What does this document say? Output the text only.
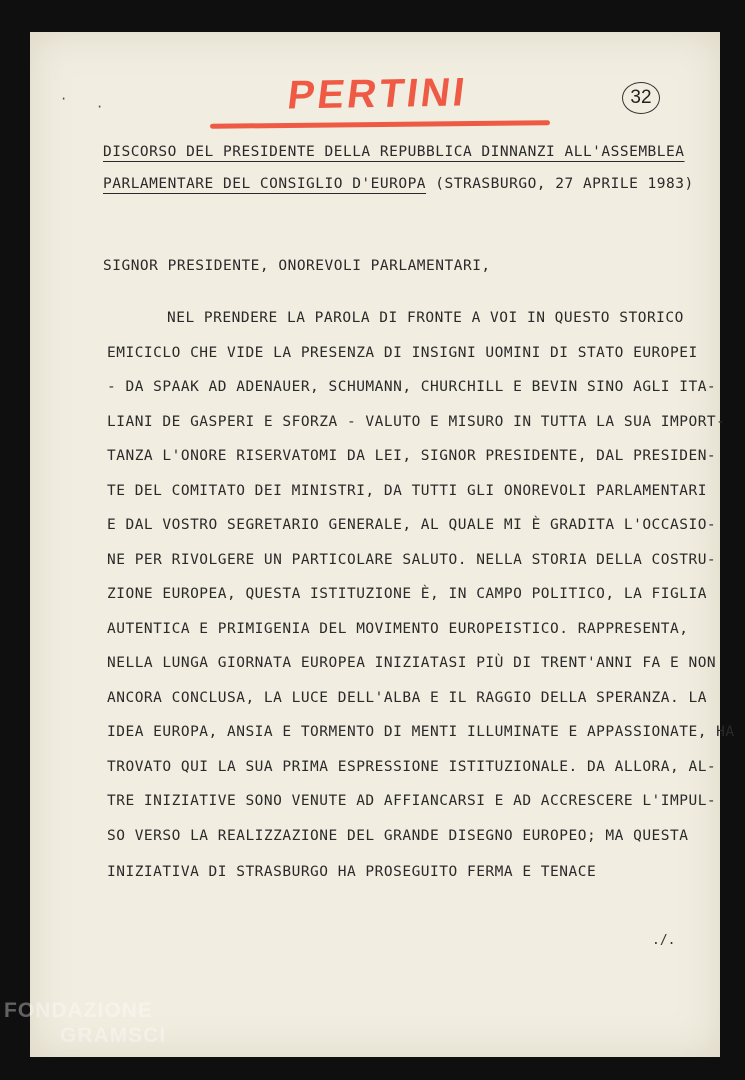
PERTINI	32
·
·
DISCORSO DEL PRESIDENTE DELLA REPUBBLICA DINNANZI ALL'ASSEMBLEA
PARLAMENTARE DEL CONSIGLIO D'EUROPA (STRASBURGO, 27 APRILE 1983)
SIGNOR PRESIDENTE, ONOREVOLI PARLAMENTARI,
NEL PRENDERE LA PAROLA DI FRONTE A VOI IN QUESTO STORICO
EMICICLO CHE VIDE LA PRESENZA DI INSIGNI UOMINI DI STATO EUROPEI
- DA SPAAK AD ADENAUER, SCHUMANN, CHURCHILL E BEVIN SINO AGLI ITA-
LIANI DE GASPERI E SFORZA - VALUTO E MISURO IN TUTTA LA SUA IMPORT-
TANZA L'ONORE RISERVATOMI DA LEI, SIGNOR PRESIDENTE, DAL PRESIDEN-
TE DEL COMITATO DEI MINISTRI, DA TUTTI GLI ONOREVOLI PARLAMENTARI
E DAL VOSTRO SEGRETARIO GENERALE, AL QUALE MI È GRADITA L'OCCASIO-
NE PER RIVOLGERE UN PARTICOLARE SALUTO. NELLA STORIA DELLA COSTRU-
ZIONE EUROPEA, QUESTA ISTITUZIONE È, IN CAMPO POLITICO, LA FIGLIA
AUTENTICA E PRIMIGENIA DEL MOVIMENTO EUROPEISTICO. RAPPRESENTA,
NELLA LUNGA GIORNATA EUROPEA INIZIATASI PIÙ DI TRENT'ANNI FA E NON
ANCORA CONCLUSA, LA LUCE DELL'ALBA E IL RAGGIO DELLA SPERANZA. LA
IDEA EUROPA, ANSIA E TORMENTO DI MENTI ILLUMINATE E APPASSIONATE, HA
TROVATO QUI LA SUA PRIMA ESPRESSIONE ISTITUZIONALE. DA ALLORA, AL-
TRE INIZIATIVE SONO VENUTE AD AFFIANCARSI E AD ACCRESCERE L'IMPUL-
SO VERSO LA REALIZZAZIONE DEL GRANDE DISEGNO EUROPEO; MA QUESTA
INIZIATIVA DI STRASBURGO HA PROSEGUITO FERMA E TENACE
./.
FONDAZIONE
GRAMSCI
